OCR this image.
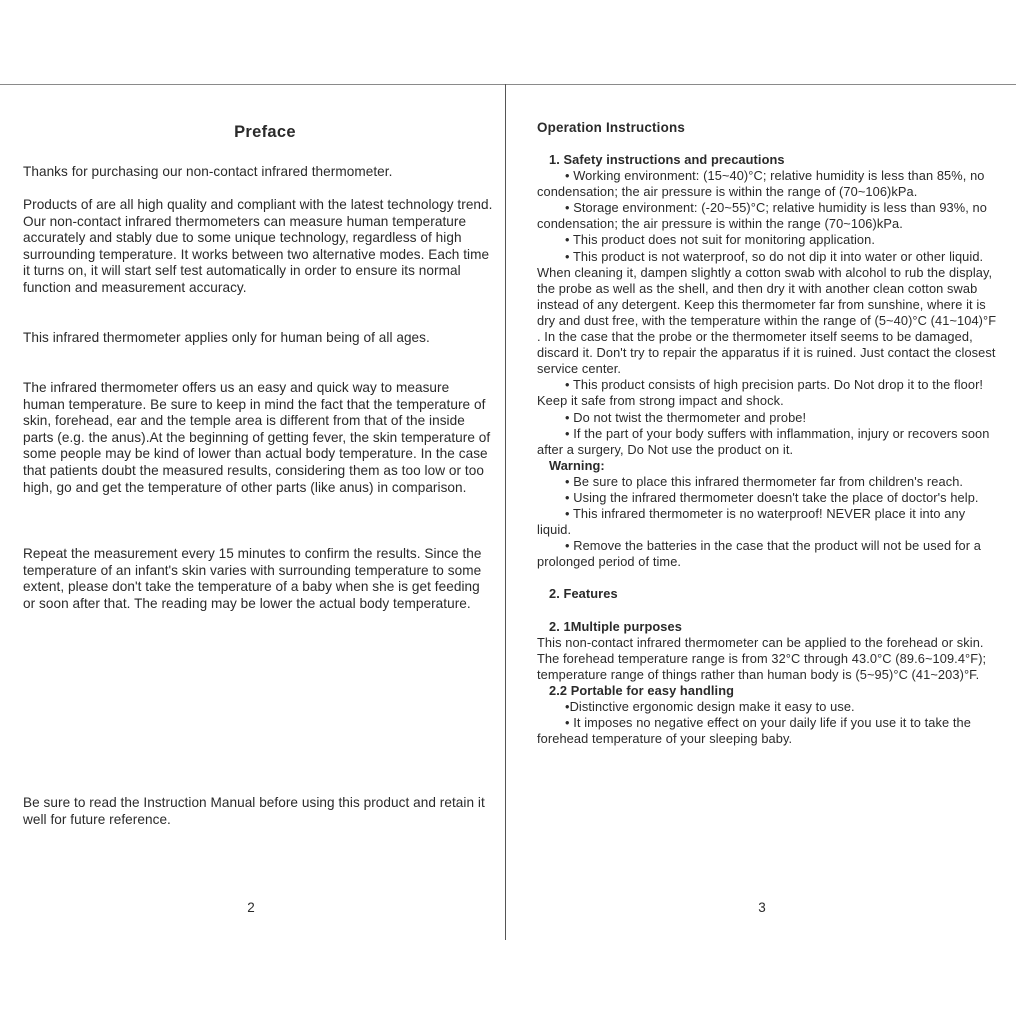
Preface

Thanks for purchasing our non-contact infrared thermometer.

Products of are all high quality and compliant with the latest technology trend. Our non-contact infrared thermometers can measure human temperature accurately and stably due to some unique technology, regardless of high surrounding temperature. It works between two alternative modes. Each time it turns on, it will start self test automatically in order to ensure its normal function and measurement accuracy.

This infrared thermometer applies only for human being of all ages.

The infrared thermometer offers us an easy and quick way to measure human temperature. Be sure to keep in mind the fact that the temperature of skin, forehead, ear and the temple area is different from that of the inside parts (e.g. the anus).At the beginning of getting fever, the skin temperature of some people may be kind of lower than actual body temperature. In the case that patients doubt the measured results, considering them as too low or too high, go and get the temperature of other parts (like anus) in comparison.

Repeat the measurement every 15 minutes to confirm the results. Since the temperature of an infant's skin varies with surrounding temperature to some extent, please don't take the temperature of a baby when she is get feeding or soon after that. The reading may be lower the actual body temperature.

Be sure to read the Instruction Manual before using this product and retain it well for future reference.

2

Operation Instructions

1. Safety instructions and precautions

• Working environment: (15~40)°C; relative humidity is less than 85%, no condensation; the air pressure is within the range of (70~106)kPa.

• Storage environment: (-20~55)°C; relative humidity is less than 93%, no condensation; the air pressure is within the range (70~106)kPa.

• This product does not suit for monitoring application.

• This product is not waterproof, so do not dip it into water or other liquid. When cleaning it, dampen slightly a cotton swab with alcohol to rub the display, the probe as well as the shell, and then dry it with another clean cotton swab instead of any detergent. Keep this thermometer far from sunshine, where it is dry and dust free, with the temperature within the range of (5~40)°C (41~104)°F . In the case that the probe or the thermometer itself seems to be damaged, discard it. Don't try to repair the apparatus if it is ruined. Just contact the closest service center.

• This product consists of high precision parts. Do Not drop it to the floor! Keep it safe from strong impact and shock.

• Do not twist the thermometer and probe!

• If the part of your body suffers with inflammation, injury or recovers soon after a surgery, Do Not use the product on it.

Warning:

• Be sure to place this infrared thermometer far from children's reach.

• Using the infrared thermometer doesn't take the place of doctor's help.

• This infrared thermometer is no waterproof! NEVER place it into any liquid.

• Remove the batteries in the case that the product will not be used for a prolonged period of time.

2. Features

2. 1Multiple purposes

This non-contact infrared thermometer can be applied to the forehead or skin. The forehead temperature range is from 32°C through 43.0°C (89.6~109.4°F); temperature range of things rather than human body is (5~95)°C (41~203)°F.

2.2 Portable for easy handling

•Distinctive ergonomic design make it easy to use.

• It imposes no negative effect on your daily life if you use it to take the forehead temperature of your sleeping baby.

3
